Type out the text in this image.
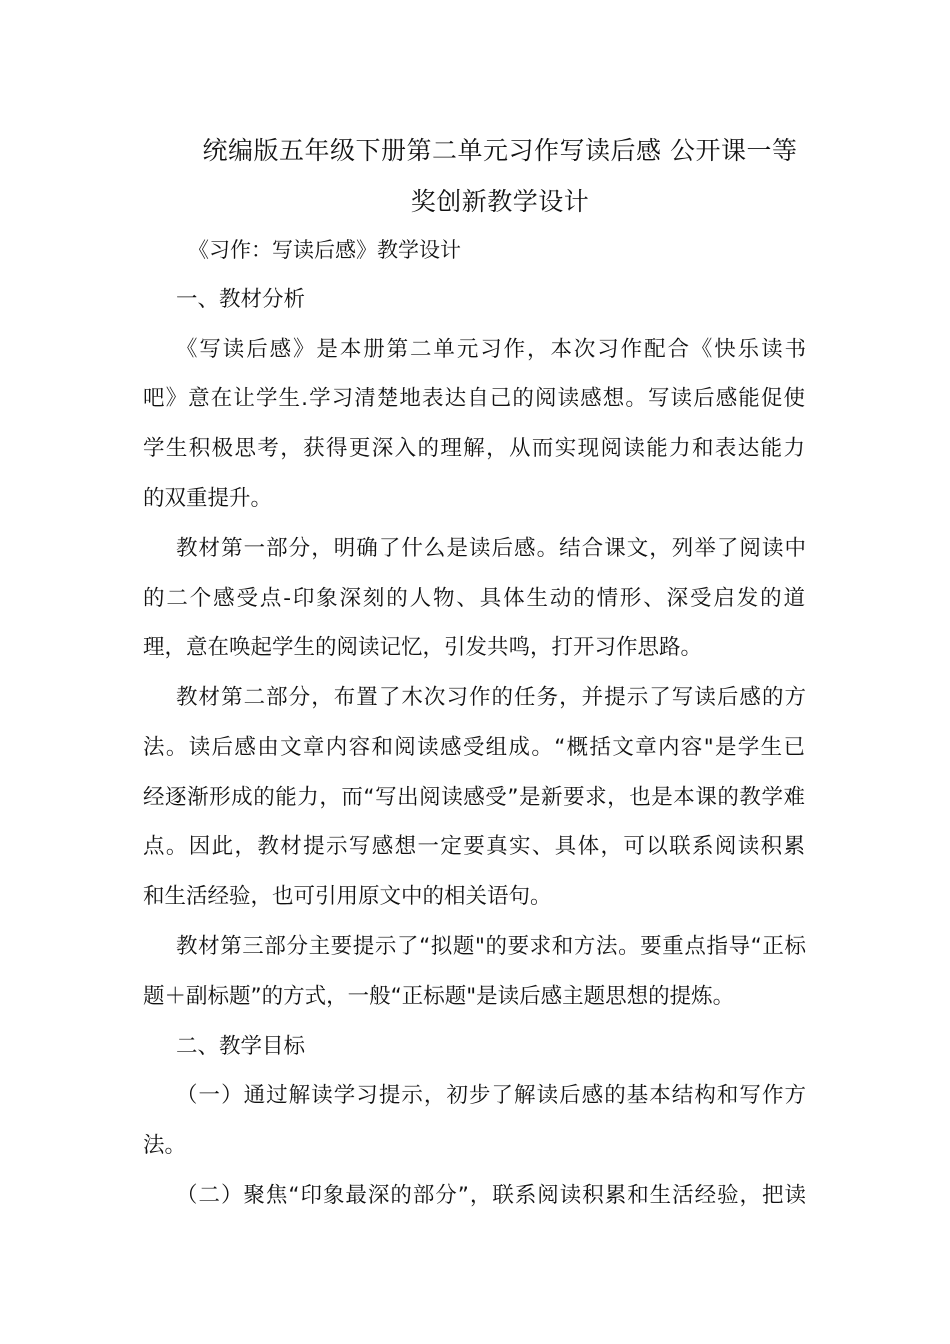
统编版五年级下册第二单元习作写读后感 公开课一等
奖创新教学设计
《习作：写读后感》教学设计
一、教材分析
《写读后感》是本册第二单元习作，本次习作配合《快乐读书
吧》意在让学生.学习清楚地表达自己的阅读感想。写读后感能促使
学生积极思考，获得更深入的理解，从而实现阅读能力和表达能力
的双重提升。
教材第一部分，明确了什么是读后感。结合课文，列举了阅读中
的二个感受点-印象深刻的人物、具体生动的情形、深受启发的道
理，意在唤起学生的阅读记忆，引发共鸣，打开习作思路。
教材第二部分，布置了木次习作的任务，并提示了写读后感的方
法。读后感由文章内容和阅读感受组成。“概括文章内容"是学生已
经逐渐形成的能力，而“写出阅读感受”是新要求，也是本课的教学难
点。因此，教材提示写感想一定要真实、具体，可以联系阅读积累
和生活经验，也可引用原文中的相关语句。
教材第三部分主要提示了“拟题"的要求和方法。要重点指导“正标
题＋副标题”的方式，一般“正标题"是读后感主题思想的提炼。
二、教学目标
（一）通过解读学习提示，初步了解读后感的基本结构和写作方
法。
（二）聚焦“印象最深的部分”，联系阅读积累和生活经验，把读
